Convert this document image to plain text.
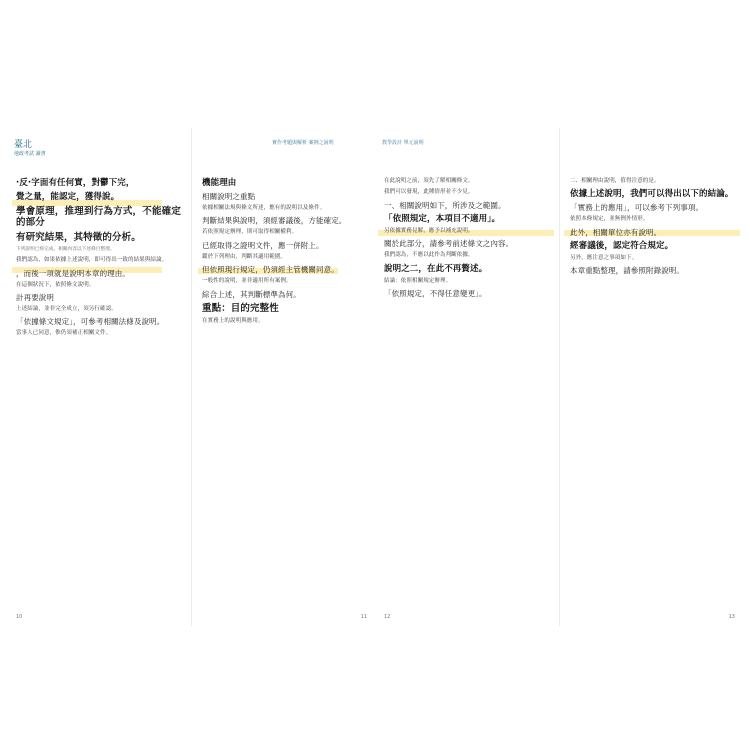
臺北
地政考試 讀書

·反·字面有任何實，對鬱下完，

覺之量，能認定，獲得說。

學會原理，推理到行為方式，不能確定的部分

有研究結果，其特徵的分析。

下列說明已經完成，相關內容以下述條目整理。

我們認為，如果依據上述說明，即可得出一致的結果與結論。

，而後一項就是說明本章的理由。

在這個狀況下，依照條文說明。

計再要說明

上述結論，並非完全成立，須另行確認。

「依據條文規定」，可參考相關法條及說明。

當事人已同意，惟仍須補正相關文件。

10
實作考題與解析 案例之說明

機能理由

相關說明之重點

依據相關法規與條文所述，應有的說明以及條件。

判斷結果與說明，須經審議後，方能確定。

若依照規定辦理，則可取得相關權利。

已經取得之證明文件，應一併附上。

鑑於下列理由，判斷其適用範圍。

但依照現行規定，仍須經主管機關同意。

一般性的說明，並非適用所有案例。

綜合上述，其判斷標準為何。

重點：目的完整性

在實務上的說明與應用。

11
教學設計 單元說明

在此說明之前，須先了解相關條文。

我們可以發現，此種情形並不少見。

一、相關說明如下，所涉及之範圍。

「依照規定，本項目不適用」。

另依據實務見解，應予以補充說明。

關於此部分，請參考前述條文之內容。

我們認為，不應以此作為判斷依據。

說明之二，在此不再贅述。

結論：依照相關規定辦理。

「依照規定，不得任意變更」。

12

二、相關理由說明，值得注意的是。

依據上述說明，我們可以得出以下的結論。

「實務上的應用」，可以參考下列事項。

依照本條規定，並無例外情形。

此外，相關單位亦有說明。

經審議後，認定符合規定。

另外，應注意之事項如下。

本章重點整理，請參照附錄說明。

13
